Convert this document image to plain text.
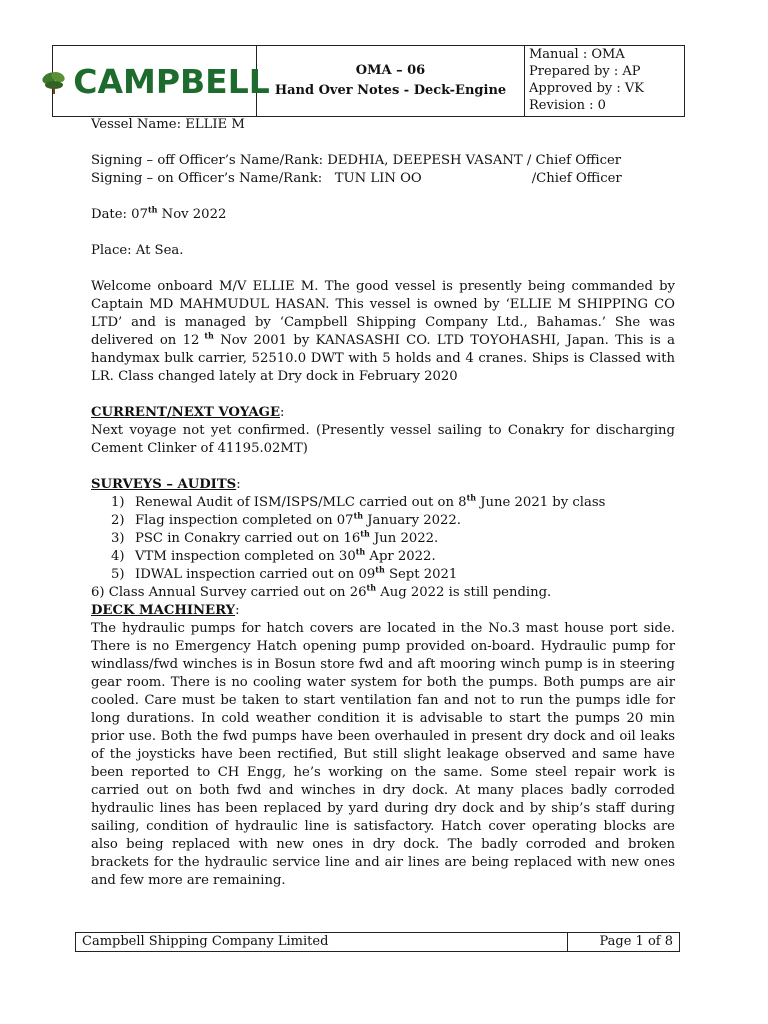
CAMPBELL	OMA – 06
Hand Over Notes - Deck-Engine
Manual : OMA
Prepared by : AP
Approved by : VK
Revision : 0

Vessel Name: ELLIE M

Signing – off Officer’s Name/Rank: DEDHIA, DEEPESH VASANT / Chief Officer

Signing – on Officer’s Name/Rank: TUN LIN OO	/Chief Officer

Date: 07th Nov 2022

Place: At Sea.

Welcome onboard M/V ELLIE M. The good vessel is presently being commanded by Captain MD MAHMUDUL HASAN. This vessel is owned by ‘ELLIE M SHIPPING CO LTD’ and is managed by ‘Campbell Shipping Company Ltd., Bahamas.’ She was delivered on 12 $^{th}$ Nov 2001 by KANASASHI CO. LTD TOYOHASHI, Japan. This is a handymax bulk carrier, 52510.0 DWT with 5 holds and 4 cranes. Ships is Classed with LR. Class changed lately at Dry dock in February 2020

CURRENT/NEXT VOYAGE:

Next voyage not yet confirmed. (Presently vessel sailing to Conakry for discharging Cement Clinker of 41195.02MT)

SURVEYS – AUDITS:

1) Renewal Audit of ISM/ISPS/MLC carried out on 8th June 2021 by class
2) Flag inspection completed on 07th January 2022.
3) PSC in Conakry carried out on 16th Jun 2022.
4) VTM inspection completed on 30th Apr 2022.
5) IDWAL inspection carried out on 09th Sept 2021

6) Class Annual Survey carried out on 26th Aug 2022 is still pending.

DECK MACHINERY:

The hydraulic pumps for hatch covers are located in the No.3 mast house port side. There is no Emergency Hatch opening pump provided on-board. Hydraulic pump for windlass/fwd winches is in Bosun store fwd and aft mooring winch pump is in steering gear room. There is no cooling water system for both the pumps. Both pumps are air cooled. Care must be taken to start ventilation fan and not to run the pumps idle for long durations. In cold weather condition it is advisable to start the pumps 20 min prior use. Both the fwd pumps have been overhauled in present dry dock and oil leaks of the joysticks have been rectified, But still slight leakage observed and same have been reported to CH Engg, he’s working on the same. Some steel repair work is carried out on both fwd and winches in dry dock. At many places badly corroded hydraulic lines has been replaced by yard during dry dock and by ship’s staff during sailing, condition of hydraulic line is satisfactory. Hatch cover operating blocks are also being replaced with new ones in dry dock. The badly corroded and broken brackets for the hydraulic service line and air lines are being replaced with new ones and few more are remaining.

Campbell Shipping Company Limited	Page 1 of 8
